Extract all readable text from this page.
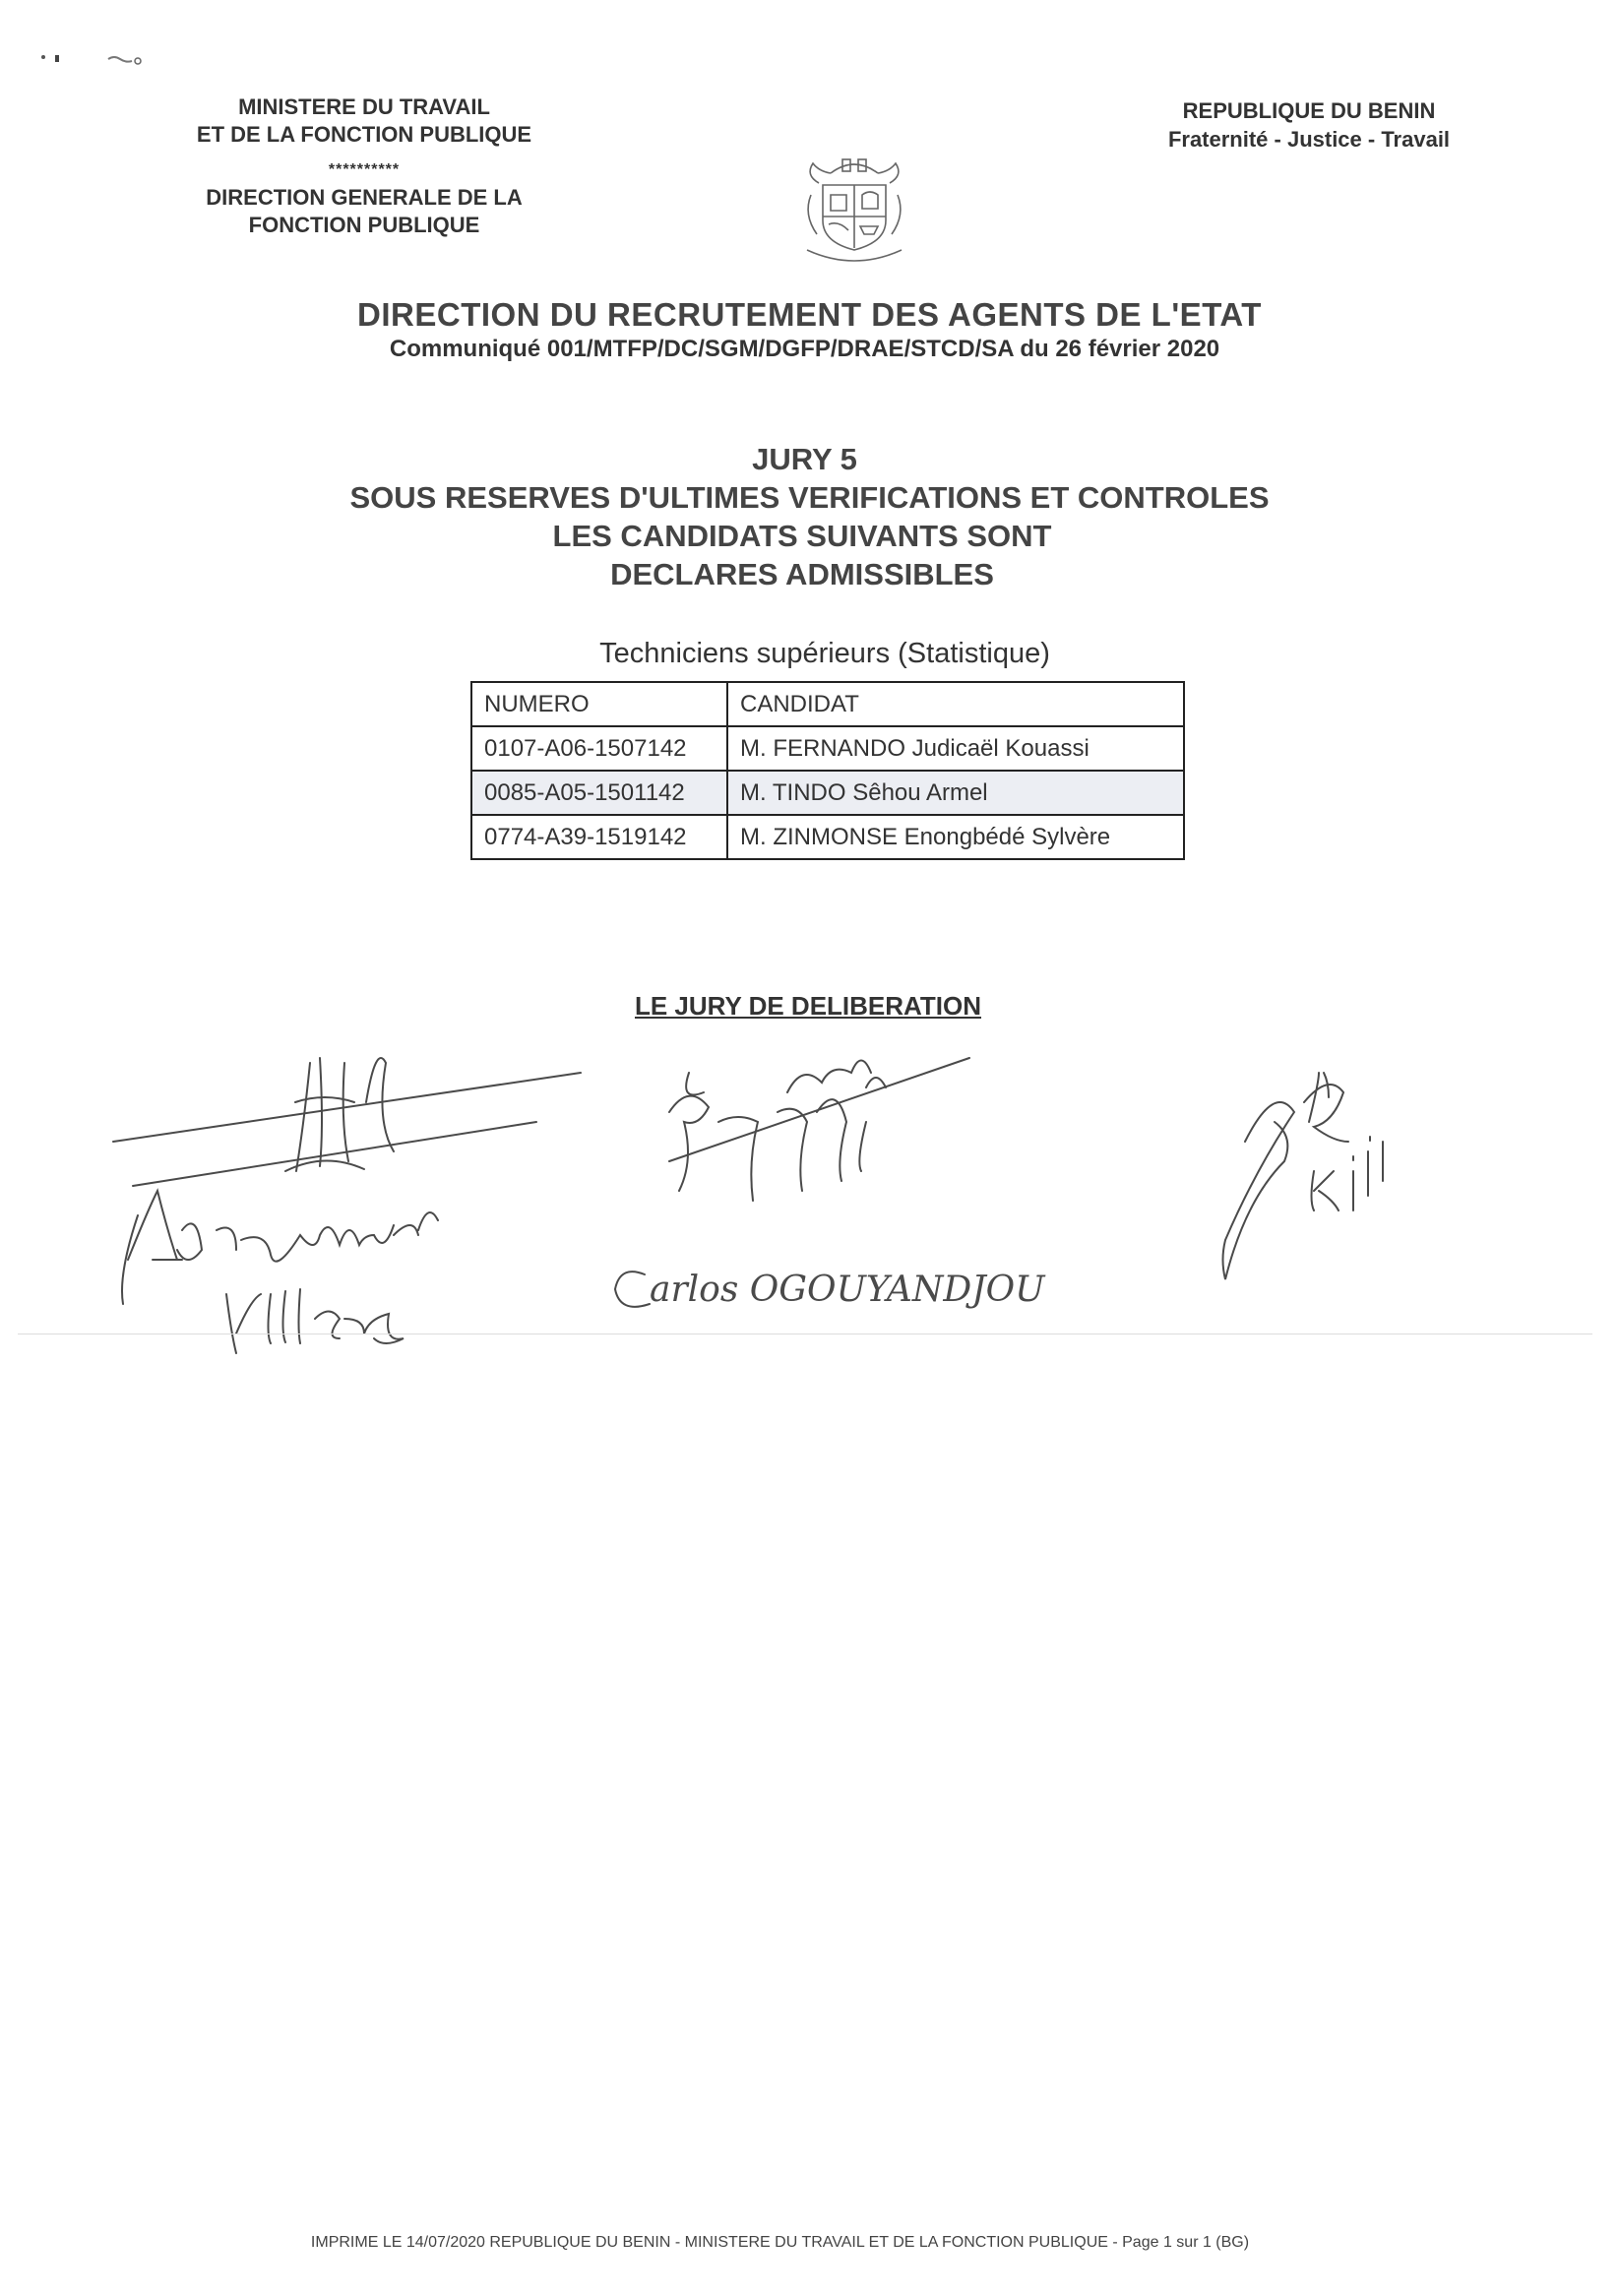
MINISTERE DU TRAVAIL
ET DE LA FONCTION PUBLIQUE
**********
DIRECTION GENERALE DE LA
FONCTION PUBLIQUE
REPUBLIQUE DU BENIN
Fraternité - Justice - Travail
DIRECTION DU RECRUTEMENT DES AGENTS DE L'ETAT
Communiqué 001/MTFP/DC/SGM/DGFP/DRAE/STCD/SA du 26 février 2020
JURY 5
SOUS RESERVES D'ULTIMES VERIFICATIONS ET CONTROLES
LES CANDIDATS SUIVANTS SONT
DECLARES ADMISSIBLES
Techniciens supérieurs (Statistique)
NUMERO	CANDIDAT
0107-A06-1507142	M. FERNANDO Judicaël Kouassi
0085-A05-1501142	M. TINDO Sêhou Armel
0774-A39-1519142	M. ZINMONSE Enongbédé Sylvère
LE JURY DE DELIBERATION
arlos OGOUYANDJOU
IMPRIME LE 14/07/2020 REPUBLIQUE DU BENIN - MINISTERE DU TRAVAIL ET DE LA FONCTION PUBLIQUE - Page 1 sur 1 (BG)
